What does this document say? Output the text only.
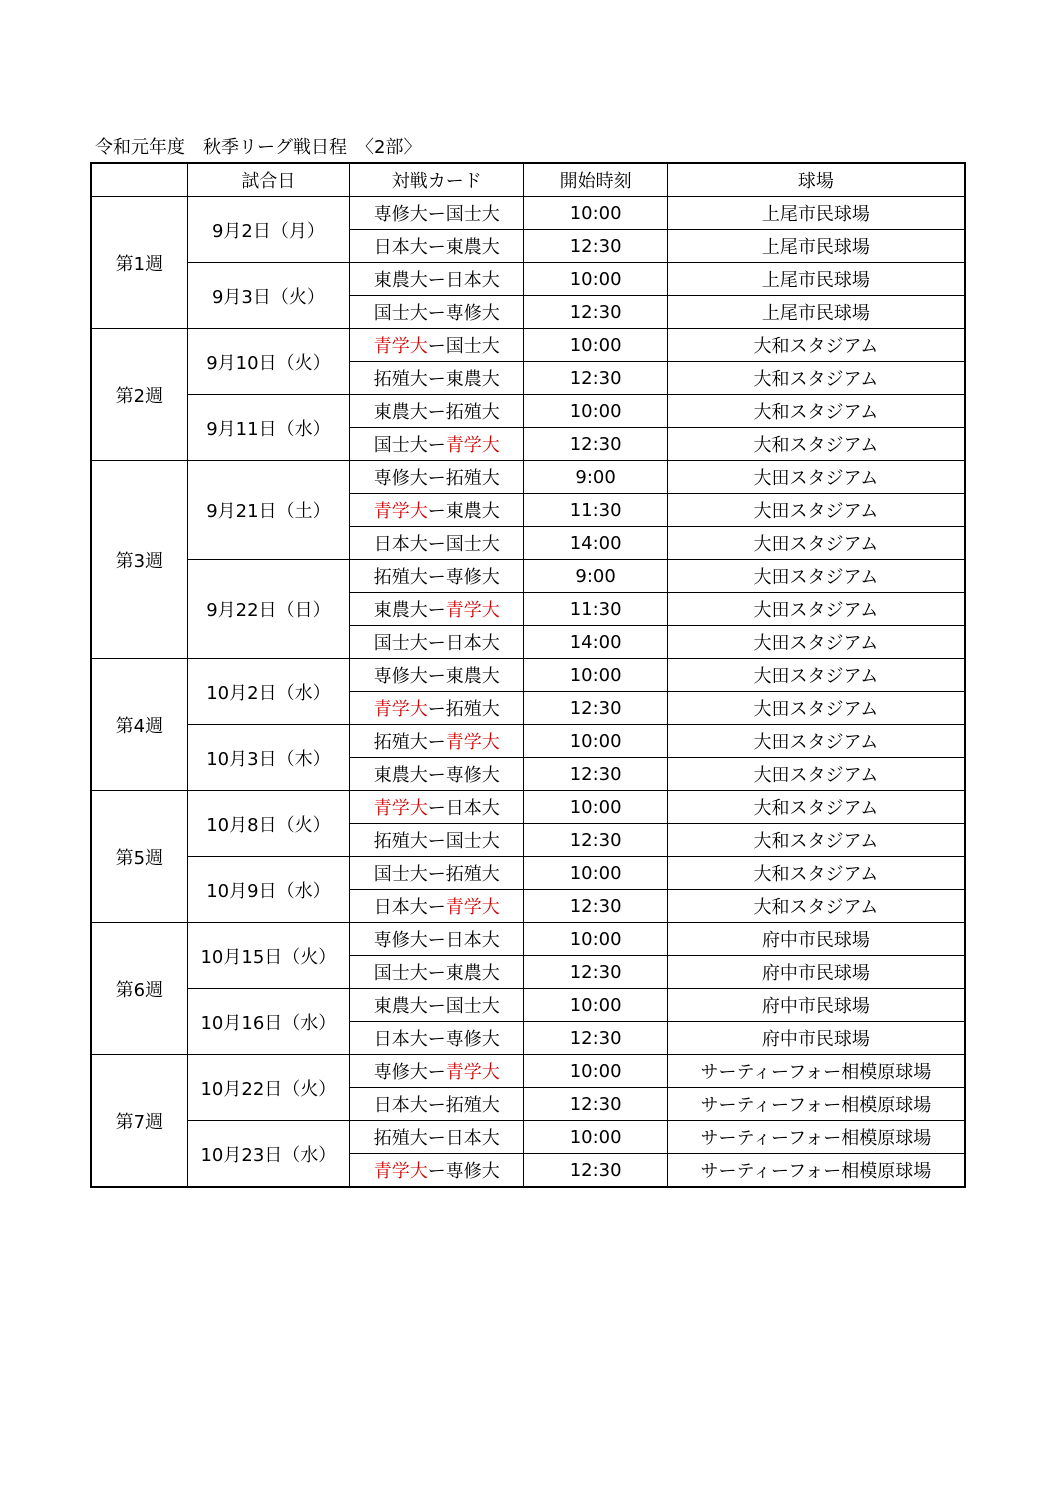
令和元年度　秋季リーグ戦日程　〈2部〉
	試合日	対戦カード	開始時刻	球場
第1週	9月2日（月）	専修大ー国士大	10:00	上尾市民球場
		日本大ー東農大	12:30	上尾市民球場
	9月3日（火）	東農大ー日本大	10:00	上尾市民球場
		国士大ー専修大	12:30	上尾市民球場
第2週	9月10日（火）	青学大ー国士大	10:00	大和スタジアム
		拓殖大ー東農大	12:30	大和スタジアム
	9月11日（水）	東農大ー拓殖大	10:00	大和スタジアム
		国士大ー青学大	12:30	大和スタジアム
第3週	9月21日（土）	専修大ー拓殖大	9:00	大田スタジアム
		青学大ー東農大	11:30	大田スタジアム
		日本大ー国士大	14:00	大田スタジアム
	9月22日（日）	拓殖大ー専修大	9:00	大田スタジアム
		東農大ー青学大	11:30	大田スタジアム
		国士大ー日本大	14:00	大田スタジアム
第4週	10月2日（水）	専修大ー東農大	10:00	大田スタジアム
		青学大ー拓殖大	12:30	大田スタジアム
	10月3日（木）	拓殖大ー青学大	10:00	大田スタジアム
		東農大ー専修大	12:30	大田スタジアム
第5週	10月8日（火）	青学大ー日本大	10:00	大和スタジアム
		拓殖大ー国士大	12:30	大和スタジアム
	10月9日（水）	国士大ー拓殖大	10:00	大和スタジアム
		日本大ー青学大	12:30	大和スタジアム
第6週	10月15日（火）	専修大ー日本大	10:00	府中市民球場
		国士大ー東農大	12:30	府中市民球場
	10月16日（水）	東農大ー国士大	10:00	府中市民球場
		日本大ー専修大	12:30	府中市民球場
第7週	10月22日（火）	専修大ー青学大	10:00	サーティーフォー相模原球場
		日本大ー拓殖大	12:30	サーティーフォー相模原球場
	10月23日（水）	拓殖大ー日本大	10:00	サーティーフォー相模原球場
		青学大ー専修大	12:30	サーティーフォー相模原球場
